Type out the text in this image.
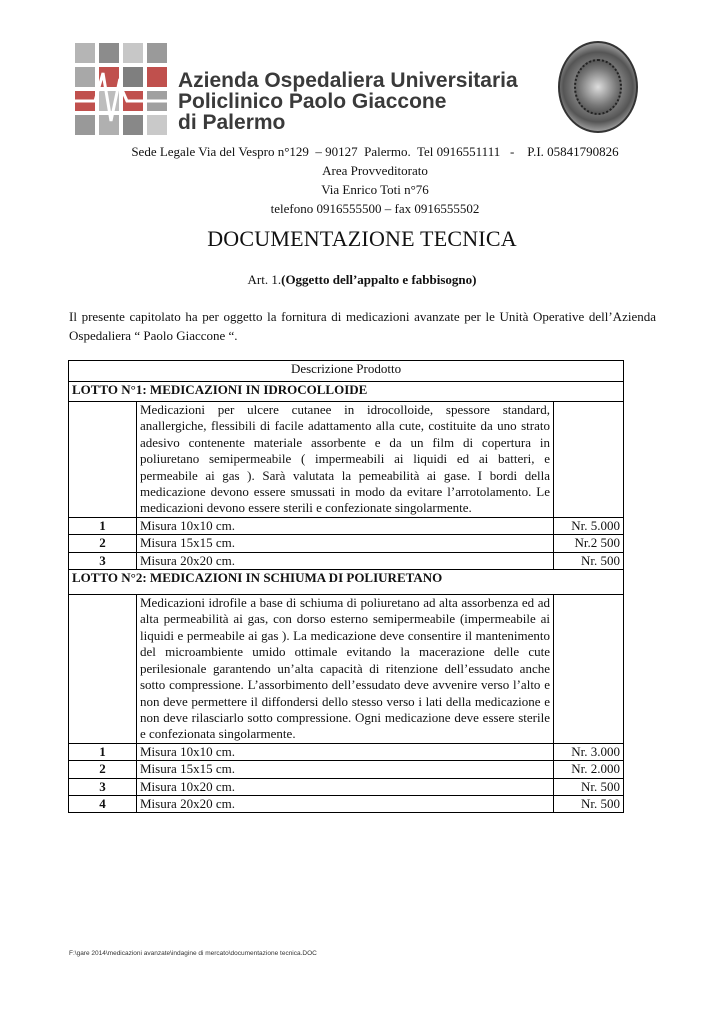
Azienda Ospedaliera Universitaria
Policlinico Paolo Giaccone
di Palermo
Sede Legale Via del Vespro n°129  – 90127  Palermo.  Tel 0916551111   -    P.I. 05841790826
Area Provveditorato
Via Enrico Toti n°76
telefono 0916555500 – fax 0916555502
DOCUMENTAZIONE TECNICA
Art. 1.(Oggetto dell’appalto e fabbisogno)
Il presente capitolato ha per oggetto la fornitura di medicazioni avanzate per le Unità Operative dell’Azienda Ospedaliera “ Paolo Giaccone “.
Descrizione Prodotto		
LOTTO N°1: MEDICAZIONI IN IDROCOLLOIDE		
	Medicazioni per ulcere cutanee in idrocolloide, spessore standard, anallergiche, flessibili di facile adattamento alla cute, costituite da uno strato adesivo contenente materiale assorbente e da un film di copertura in poliuretano semipermeabile ( impermeabili ai liquidi ed ai batteri, e permeabile ai gas ). Sarà valutata la pemeabilità ai gase. I bordi della medicazione devono essere smussati in modo da evitare l’arrotolamento. Le medicazioni devono essere sterili e confezionate singolarmente.	
1	Misura 10x10 cm.	Nr. 5.000
2	Misura 15x15 cm.	Nr.2 500
3	Misura 20x20 cm.	Nr. 500
LOTTO N°2: MEDICAZIONI IN SCHIUMA DI POLIURETANO		
	Medicazioni idrofile a base di schiuma di poliuretano ad alta assorbenza ed ad alta permeabilità ai gas, con dorso esterno semipermeabile (impermeabile ai liquidi e permeabile ai gas ). La medicazione deve consentire il mantenimento del microambiente umido ottimale evitando la macerazione delle cute perilesionale garantendo un’alta capacità di ritenzione dell’essudato anche sotto compressione. L’assorbimento dell’essudato deve avvenire verso l’alto e non deve permettere il diffondersi dello stesso verso i lati della medicazione e non deve rilasciarlo sotto compressione. Ogni medicazione deve essere sterile e confezionata singolarmente.	
1	Misura 10x10 cm.	Nr. 3.000
2	Misura 15x15 cm.	Nr. 2.000
3	Misura 10x20 cm.	Nr. 500
4	Misura 20x20 cm.	Nr. 500
F:\gare 2014\medicazioni avanzate\indagine di mercato\documentazione tecnica.DOC
